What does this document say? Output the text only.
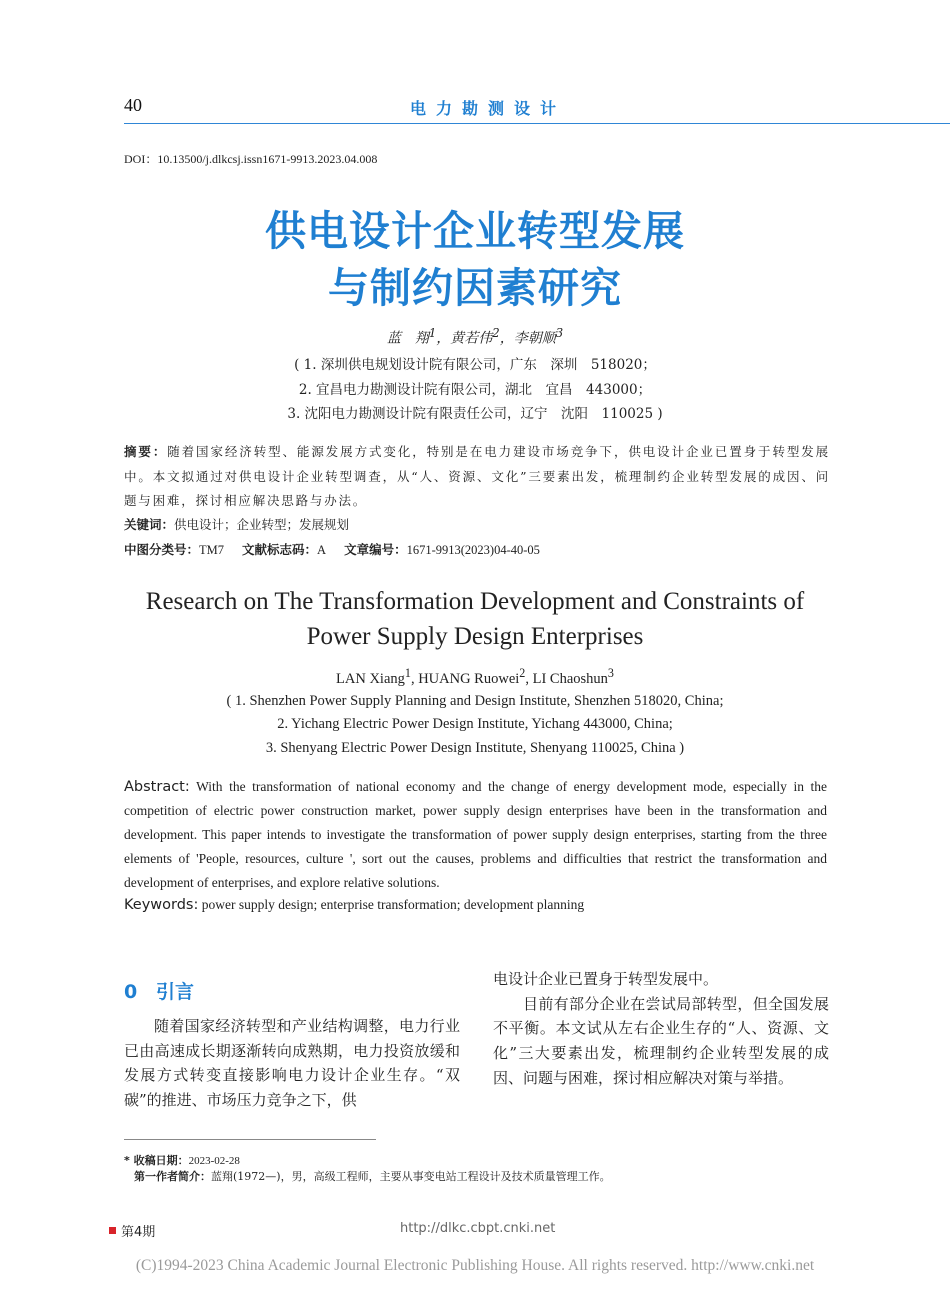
40	电力勘测设计
DOI：10.13500/j.dlkcsj.issn1671-9913.2023.04.008
供电设计企业转型发展
与制约因素研究
蓝　翔$^1$，黄若伟$^2$，李朝顺$^3$
( 1. 深圳供电规划设计院有限公司，广东　深圳　518020；
2. 宜昌电力勘测设计院有限公司，湖北　宜昌　443000；
3. 沈阳电力勘测设计院有限责任公司，辽宁　沈阳　110025 )
摘要：随着国家经济转型、能源发展方式变化，特别是在电力建设市场竞争下，供电设计企业已置身于转型发展中。本文拟通过对供电设计企业转型调查，从“人、资源、文化”三要素出发，梳理制约企业转型发展的成因、问题与困难，探讨相应解决思路与办法。
关键词：供电设计；企业转型；发展规划
中图分类号：TM7 文献标志码：A 文章编号：1671-9913(2023)04-40-05
Research on The Transformation Development and Constraints of
Power Supply Design Enterprises
LAN Xiang$^1$, HUANG Ruowei$^2$, LI Chaoshun$^3$
( 1. Shenzhen Power Supply Planning and Design Institute, Shenzhen 518020, China;
2. Yichang Electric Power Design Institute, Yichang 443000, China;
3. Shenyang Electric Power Design Institute, Shenyang 110025, China )
Abstract: With the transformation of national economy and the change of energy development mode, especially in the competition of electric power construction market, power supply design enterprises have been in the transformation and development. This paper intends to investigate the transformation of power supply design enterprises, starting from the three elements of 'People, resources, culture ', sort out the causes, problems and difficulties that restrict the transformation and development of enterprises, and explore relative solutions.
Keywords: power supply design; enterprise transformation; development planning
0 引言

随着国家经济转型和产业结构调整，电力行业已由高速成长期逐渐转向成熟期，电力投资放缓和发展方式转变直接影响电力设计企业生存。“双碳”的推进、市场压力竞争之下，供

电设计企业已置身于转型发展中。

目前有部分企业在尝试局部转型，但全国发展不平衡。本文试从左右企业生存的“人、资源、文化”三大要素出发，梳理制约企业转型发展的成因、问题与困难，探讨相应解决对策与举措。

* 收稿日期：2023-02-28
第一作者简介：蓝翔(1972—)，男，高级工程师，主要从事变电站工程设计及技术质量管理工作。
第4期	http://dlkc.cbpt.cnki.net
(C)1994-2023 China Academic Journal Electronic Publishing House. All rights reserved. http://www.cnki.net
